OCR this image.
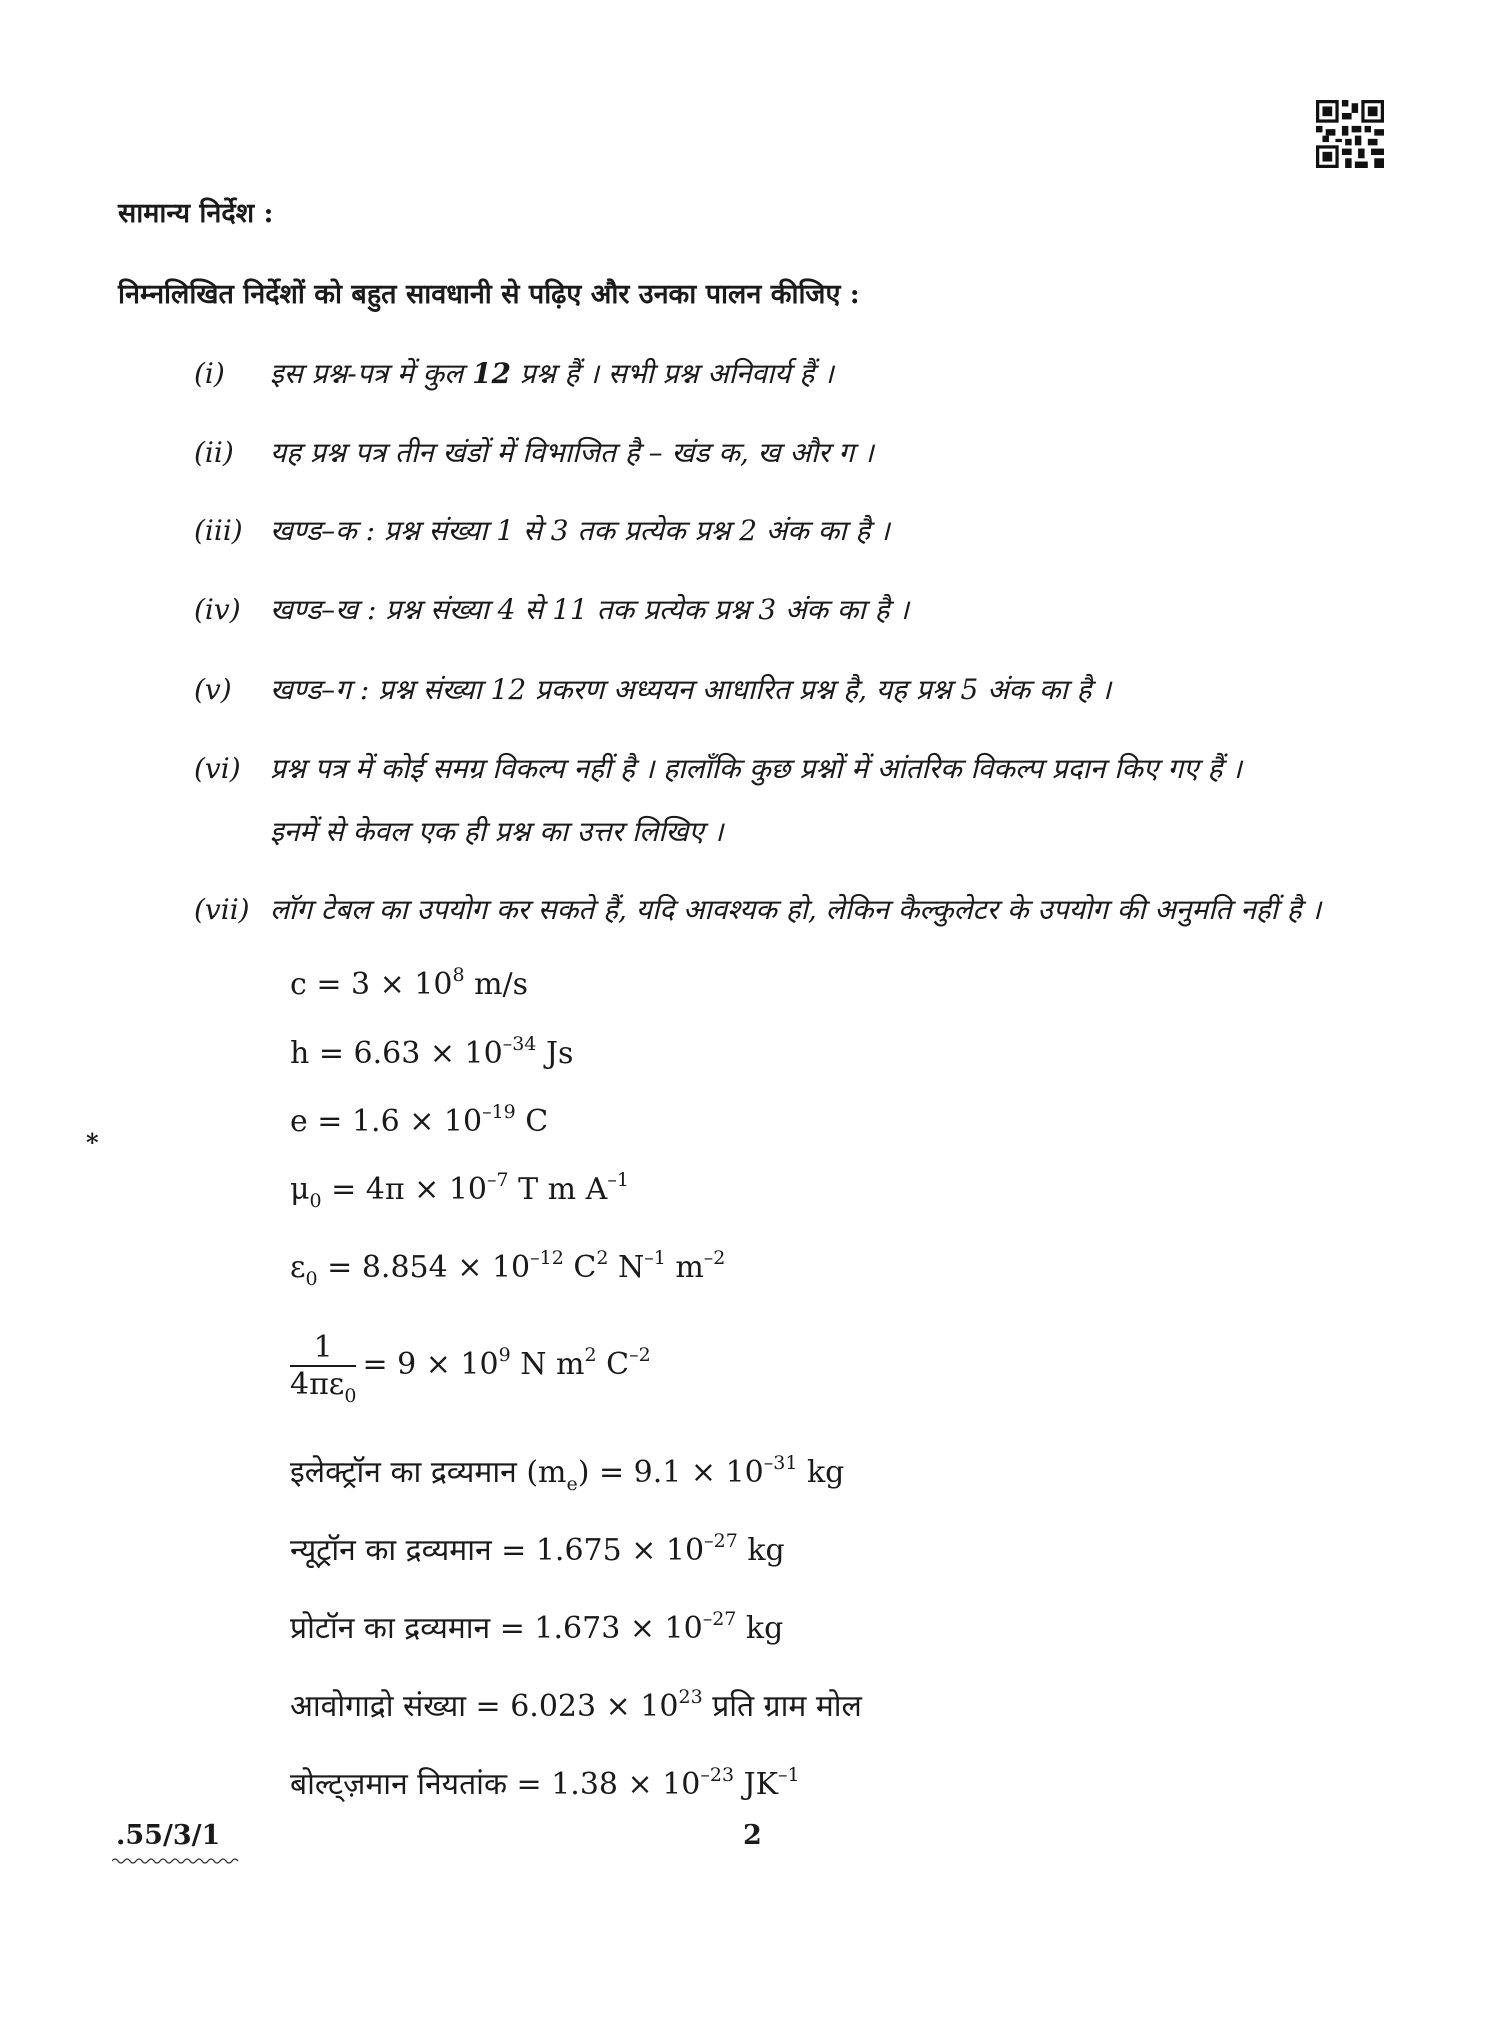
सामान्य निर्देश :
निम्नलिखित निर्देशों को बहुत सावधानी से पढ़िए और उनका पालन कीजिए :
(i) इस प्रश्न-पत्र में कुल 12 प्रश्न हैं । सभी प्रश्न अनिवार्य हैं ।
(ii) यह प्रश्न पत्र तीन खंडों में विभाजित है – खंड क, ख और ग ।
(iii) खण्ड–क : प्रश्न संख्या 1 से 3 तक प्रत्येक प्रश्न 2 अंक का है ।
(iv) खण्ड–ख : प्रश्न संख्या 4 से 11 तक प्रत्येक प्रश्न 3 अंक का है ।
(v) खण्ड–ग : प्रश्न संख्या 12 प्रकरण अध्ययन आधारित प्रश्न है, यह प्रश्न 5 अंक का है ।
(vi) प्रश्न पत्र में कोई समग्र विकल्प नहीं है । हालाँकि कुछ प्रश्नों में आंतरिक विकल्प प्रदान किए गए हैं ।
इनमें से केवल एक ही प्रश्न का उत्तर लिखिए ।
(vii) लॉग टेबल का उपयोग कर सकते हैं, यदि आवश्यक हो, लेकिन कैल्कुलेटर के उपयोग की अनुमति नहीं है ।
*
$c = 3 \times 10^8$ m/s
$h = 6.63 \times 10^{-34}$ Js
$e = 1.6 \times 10^{-19}$ C
$\mu_0 = 4\pi \times 10^{-7}$ T m $A^{-1}$
$\varepsilon_0 = 8.854 \times 10^{-12}$ $C^2$ $N^{-1}$ $m^{-2}$
$\frac{1}{4\pi\varepsilon_0} = 9 \times 10^9$ N $m^2$ $C^{-2}$
इलेक्ट्रॉन का द्रव्यमान $(m_e) = 9.1 \times 10^{-31}$ kg
न्यूट्रॉन का द्रव्यमान = $1.675 \times 10^{-27}$ kg
प्रोटॉन का द्रव्यमान = $1.673 \times 10^{-27}$ kg
आवोगाद्रो संख्या = $6.023 \times 10^{23}$ प्रति ग्राम मोल
बोल्ट्ज़मान नियतांक = $1.38 \times 10^{-23}$ $JK^{-1}$
.55/3/1	2
